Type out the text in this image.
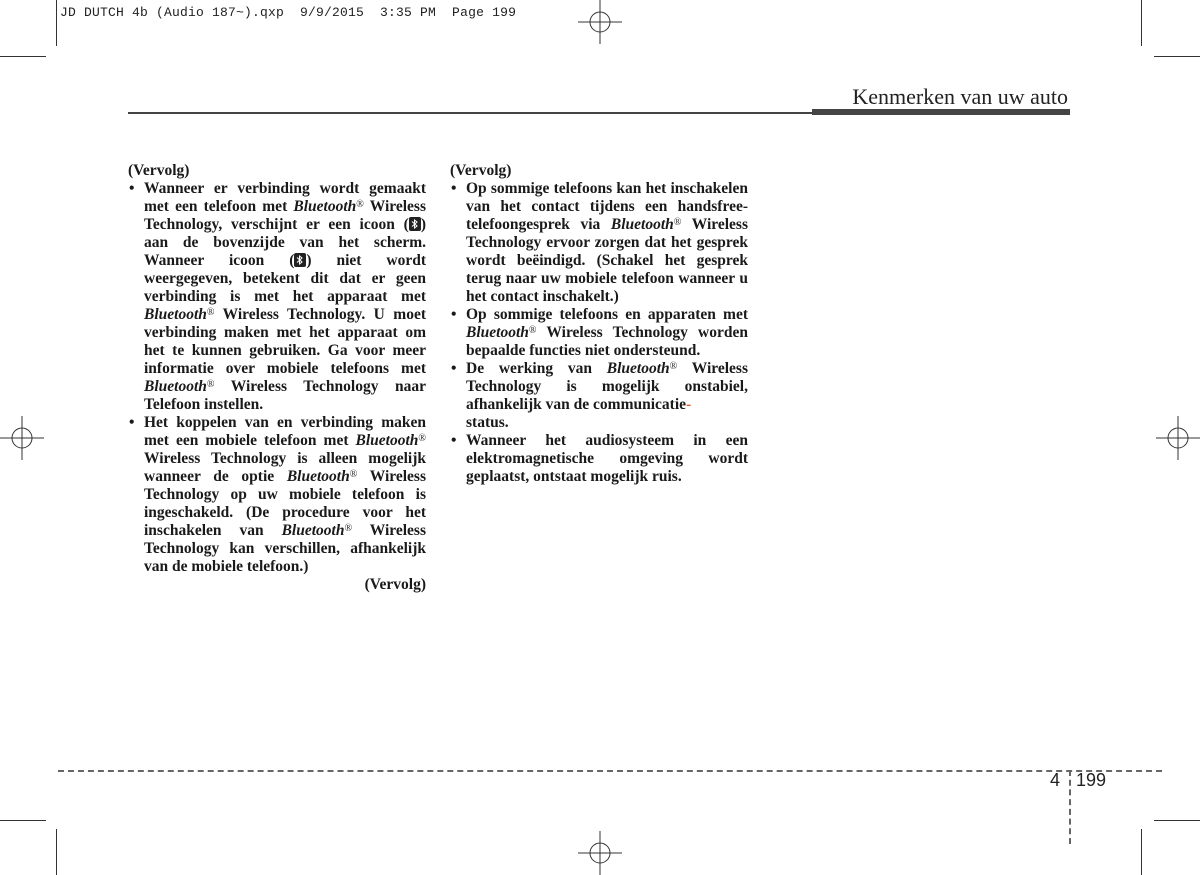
JD DUTCH 4b (Audio 187~).qxp  9/9/2015  3:35 PM  Page 199
Kenmerken van uw auto
(Vervolg)
• Wanneer er verbinding wordt gemaakt met een telefoon met Bluetooth® Wireless Technology, verschijnt er een icoon ( ) aan de bovenzijde van het scherm. Wanneer icoon ( ) niet wordt weergegeven, betekent dit dat er geen verbinding is met het apparaat met Bluetooth® Wireless Technology. U moet verbinding maken met het apparaat om het te kunnen gebruiken. Ga voor meer informatie over mobiele telefoons met Bluetooth® Wireless Technology naar Telefoon instellen.
• Het koppelen van en verbinding maken met een mobiele telefoon met Bluetooth® Wireless Technology is alleen mogelijk wanneer de optie Bluetooth® Wireless Technology op uw mobiele telefoon is ingeschakeld. (De procedure voor het inschakelen van Bluetooth® Wireless Technology kan verschillen, afhankelijk van de mobiele telefoon.)
(Vervolg)
(Vervolg)
• Op sommige telefoons kan het inschakelen van het contact tijdens een handsfree-telefoongesprek via Bluetooth® Wireless Technology ervoor zorgen dat het gesprek wordt beëindigd. (Schakel het gesprek terug naar uw mobiele telefoon wanneer u het contact inschakelt.)
• Op sommige telefoons en apparaten met Bluetooth® Wireless Technology worden bepaalde functies niet ondersteund.
• De werking van Bluetooth® Wireless Technology is mogelijk onstabiel, afhankelijk van de communicatie-
status.
• Wanneer het audiosysteem in een elektromagnetische omgeving wordt geplaatst, ontstaat mogelijk ruis.
4 199
